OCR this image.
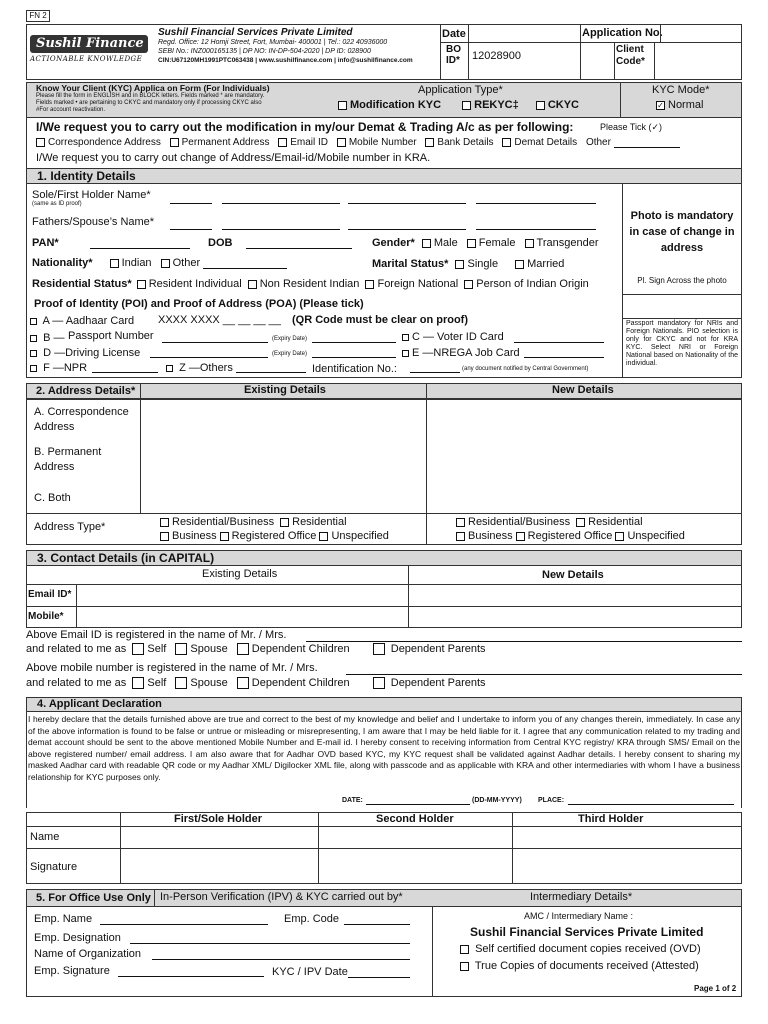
FN 2
Sushil Finance
ACTIONABLE KNOWLEDGE
Sushil Financial Services Private Limited
Regd. Office: 12 Homji Street, Fort, Mumbai- 400001 | Tel.: 022 40936000
SEBI No.: INZ000165135 | DP NO: IN-DP-504-2020 | DP ID: 028900
CIN:U67120MH1991PTC063438 | www.sushilfinance.com | info@sushilfinance.com
Date
BO ID*	12028900
Application No.
Client Code*
Know Your Client (KYC) Applica on Form (For Individuals)
Please fill the form in ENGLISH and in BLOCK letters. Fields marked * are mandatory.
Fields marked • are pertaining to CKYC and mandatory only if processing CKYC also
#For account reactivation.
Application Type*
Modification KYC	REKYC‡	CKYC
KYC Mode*
✓ Normal
I/We request you to carry out the modification in my/our Demat & Trading A/c as per following:	Please Tick (✓)
Correspondence Address Permanent Address Email ID Mobile Number Bank Details Demat Details Other
I/We request you to carry out change of Address/Email-id/Mobile number in KRA.
1. Identity Details
Photo is mandatory in case of change in address
Pl. Sign Across the photo
Passport mandatory for NRIs and Foreign Nationals. PIO selection is only for CKYC and not for KRA KYC. Select NRI or Foreign National based on Nationality of the individual.
Sole/First Holder Name*
(same as ID proof)
Fathers/Spouse’s Name*
PAN*	DOB	Gender* Male Female Transgender
Nationality*	Indian Other	Marital Status* Single	Married
Residential Status* Resident Individual Non Resident Indian Foreign National Person of Indian Origin
Proof of Identity (POI) and Proof of Address (POA) (Please tick)
A — Aadhaar Card XXXX XXXX __ __ __ __ (QR Code must be clear on proof)
B — Passport Number	(Expiry Date)	C — Voter ID Card
D —Driving License	(Expiry Date)	E —NREGA Job Card
F —NPR	Z —Others	Identification No.:	(any document notified by Central Government)
2. Address Details*	Existing Details	New Details
A. Correspondence Address
B. Permanent Address
C. Both
Address Type*	Residential/Business Residential
Business Registered Office Unspecified
Residential/Business Residential
Business Registered Office Unspecified
3. Contact Details (in CAPITAL)
Existing Details	New Details
Email ID*
Mobile*
Above Email ID is registered in the name of Mr. / Mrs.
and related to me as Self Spouse Dependent Children	Dependent Parents
Above mobile number is registered in the name of Mr. / Mrs.
and related to me as Self Spouse Dependent Children	Dependent Parents
4. Applicant Declaration
I hereby declare that the details furnished above are true and correct to the best of my knowledge and belief and I undertake to inform you of any changes therein, immediately. In case any of the above information is found to be false or untrue or misleading or misrepresenting, I am aware that I may be held liable for it. I agree that any communication related to my trading and demat account should be sent to the above mentioned Mobile Number and E-mail id. I hereby consent to receiving information from Central KYC registry/ KRA through SMS/ Email on the above registered number/ email address. I am also aware that for Aadhar OVD based KYC, my KYC request shall be validated against Aadhar details. I hereby consent to sharing my masked Aadhar card with readable QR code or my Aadhar XML/ Digilocker XML file, along with passcode and as applicable with KRA and other intermediaries with whom I have a business relationship for KYC purposes only.
DATE:	(DD-MM-YYYY) PLACE:
First/Sole Holder	Second Holder	Third Holder
Name
Signature
5. For Office Use Only In-Person Verification (IPV) & KYC carried out by*	Intermediary Details*
Emp. Name	Emp. Code
Emp. Designation
Name of Organization
Emp. Signature	KYC / IPV Date
AMC / Intermediary Name :
Sushil Financial Services Private Limited
Self certified document copies received (OVD)
True Copies of documents received (Attested)
Page 1 of 2
